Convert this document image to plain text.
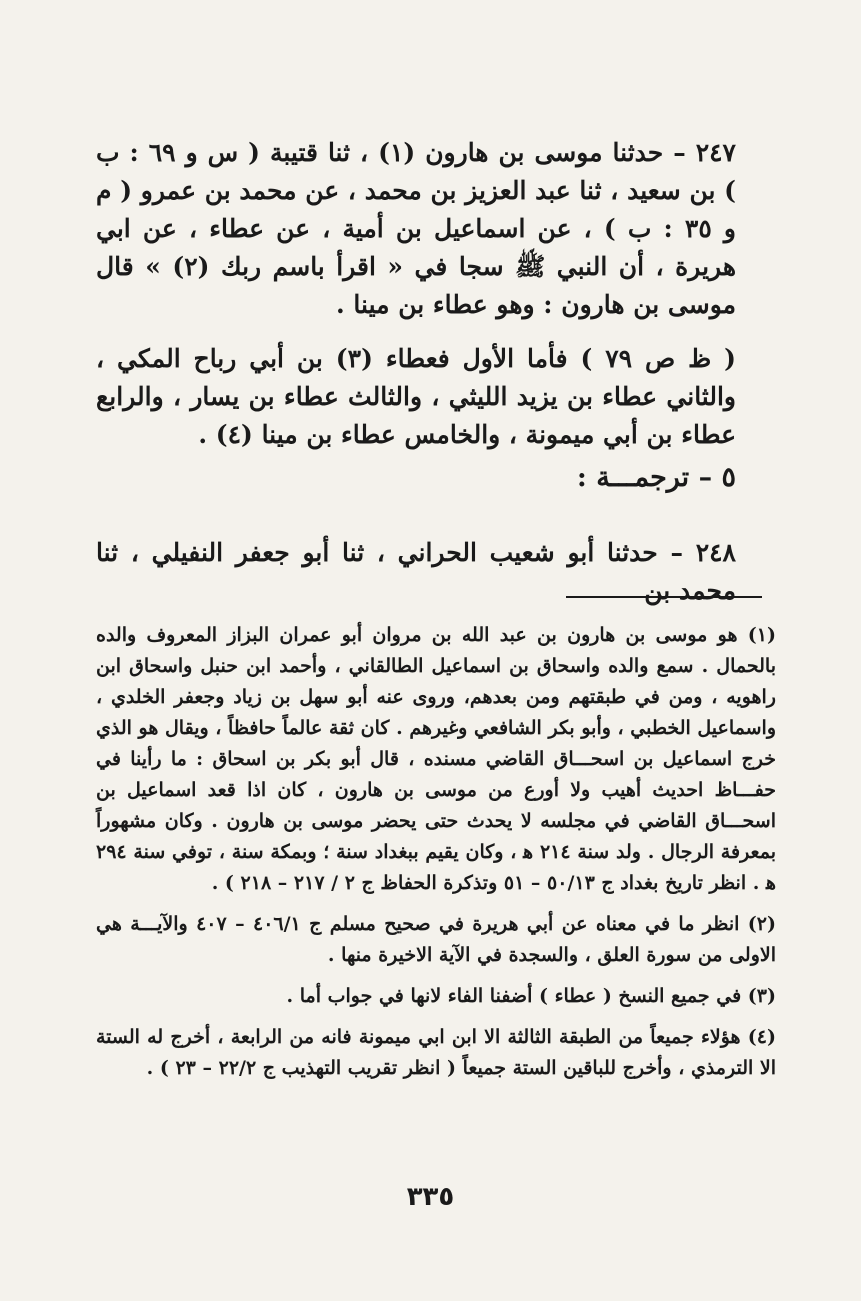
٢٤٧ – حدثنا موسى بن هارون (١) ، ثنا قتيبة ( س و ٦٩ : ب ) بن سعيد ، ثنا عبد العزيز بن محمد ، عن محمد بن عمرو ( م و ٣٥ : ب ) ، عن اسماعيل بن أمية ، عن عطاء ، عن ابي هريرة ، أن النبي ﷺ سجا في « اقرأ باسم ربك (٢) » قال موسى بن هارون : وهو عطاء بن مينا .

( ظ ص ٧٩ ) فأما الأول فعطاء (٣) بن أبي رباح المكي ، والثاني عطاء بن يزيد الليثي ، والثالث عطاء بن يسار ، والرابع عطاء بن أبي ميمونة ، والخامس عطاء بن مينا (٤) .

٥ – ترجمـــة :
٢٤٨ – حدثنا أبو شعيب الحراني ، ثنا أبو جعفر النفيلي ، ثنا محمد بن

(١) هو موسى بن هارون بن عبد الله بن مروان أبو عمران البزاز المعروف والده بالحمال . سمع والده واسحاق بن اسماعيل الطالقاني ، وأحمد ابن حنبل واسحاق ابن راهويه ، ومن في طبقتهم ومن بعدهم، وروى عنه أبو سهل بن زياد وجعفر الخلدي ، واسماعيل الخطبي ، وأبو بكر الشافعي وغيرهم . كان ثقة عالماً حافظاً ، ويقال هو الذي خرج اسماعيل بن اسحـــاق القاضي مسنده ، قال أبو بكر بن اسحاق : ما رأينا في حفـــاظ احديث أهيب ولا أورع من موسى بن هارون ، كان اذا قعد اسماعيل بن اسحـــاق القاضي في مجلسه لا يحدث حتى يحضر موسى بن هارون . وكان مشهوراً بمعرفة الرجال . ولد سنة ٢١٤ ﻫ ، وكان يقيم ببغداد سنة ؛ وبمكة سنة ، توفي سنة ٢٩٤ ﻫ . انظر تاريخ بغداد ج ٥٠/١٣ – ٥١ وتذكرة الحفاظ ج ٢ / ٢١٧ – ٢١٨ ) .

(٢) انظر ما في معناه عن أبي هريرة في صحيح مسلم ج ٤٠٦/١ – ٤٠٧ والآيـــة هي الاولى من سورة العلق ، والسجدة في الآية الاخيرة منها .

(٣) في جميع النسخ ( عطاء ) أضفنا الفاء لانها في جواب أما .

(٤) هؤلاء جميعاً من الطبقة الثالثة الا ابن ابي ميمونة فانه من الرابعة ، أخرج له الستة الا الترمذي ، وأخرج للباقين الستة جميعاً ( انظر تقريب التهذيب ج ٢٢/٢ – ٢٣ ) .

٣٣٥
